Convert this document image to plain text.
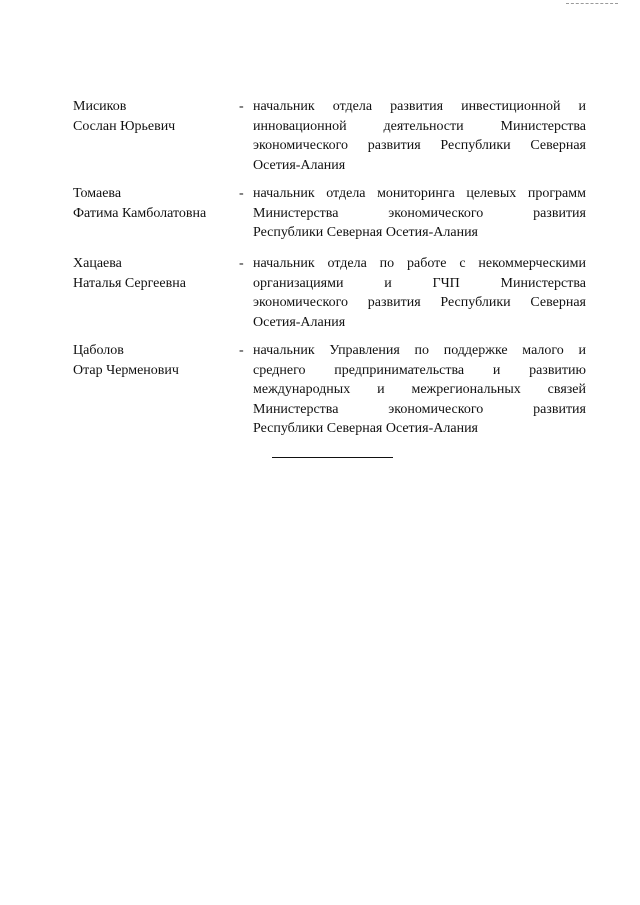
Мисиков
Сослан Юрьевич
- начальник отдела развития инвестиционной и
инновационной деятельности Министерства
экономического развития Республики Северная
Осетия-Алания
Томаева
Фатима Камболатовна
- начальник отдела мониторинга целевых программ
Министерства экономического развития
Республики Северная Осетия-Алания
Хацаева
Наталья Сергеевна
- начальник отдела по работе с некоммерческими
организациями и ГЧП Министерства
экономического развития Республики Северная
Осетия-Алания
Цаболов
Отар Черменович
- начальник Управления по поддержке малого и
среднего предпринимательства и развитию
международных и межрегиональных связей
Министерства экономического развития
Республики Северная Осетия-Алания
